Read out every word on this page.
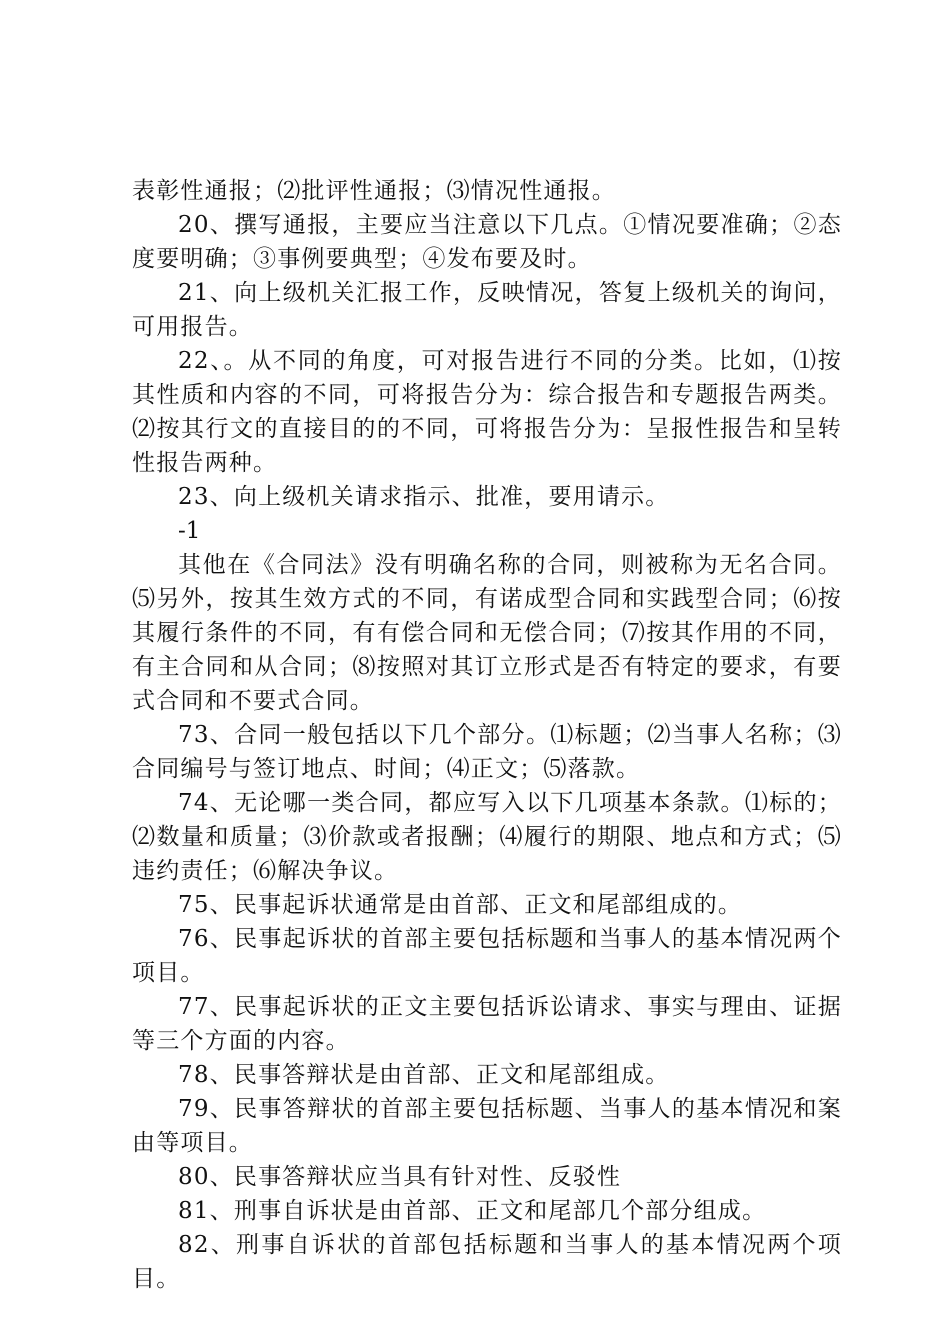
表彰性通报；⑵批评性通报；⑶情况性通报。

20、撰写通报，主要应当注意以下几点。①情况要准确；②态度要明确；③事例要典型；④发布要及时。

21、向上级机关汇报工作，反映情况，答复上级机关的询问，可用报告。

22、。从不同的角度，可对报告进行不同的分类。比如，⑴按其性质和内容的不同，可将报告分为：综合报告和专题报告两类。⑵按其行文的直接目的的不同，可将报告分为：呈报性报告和呈转性报告两种。

23、向上级机关请求指示、批准，要用请示。

-1

其他在《合同法》没有明确名称的合同，则被称为无名合同。⑸另外，按其生效方式的不同，有诺成型合同和实践型合同；⑹按其履行条件的不同，有有偿合同和无偿合同；⑺按其作用的不同，有主合同和从合同；⑻按照对其订立形式是否有特定的要求，有要式合同和不要式合同。

73、合同一般包括以下几个部分。⑴标题；⑵当事人名称；⑶合同编号与签订地点、时间；⑷正文；⑸落款。

74、无论哪一类合同，都应写入以下几项基本条款。⑴标的；⑵数量和质量；⑶价款或者报酬；⑷履行的期限、地点和方式；⑸违约责任；⑹解决争议。

75、民事起诉状通常是由首部、正文和尾部组成的。

76、民事起诉状的首部主要包括标题和当事人的基本情况两个项目。

77、民事起诉状的正文主要包括诉讼请求、事实与理由、证据等三个方面的内容。

78、民事答辩状是由首部、正文和尾部组成。

79、民事答辩状的首部主要包括标题、当事人的基本情况和案由等项目。

80、民事答辩状应当具有针对性、反驳性

81、刑事自诉状是由首部、正文和尾部几个部分组成。

82、刑事自诉状的首部包括标题和当事人的基本情况两个项目。
